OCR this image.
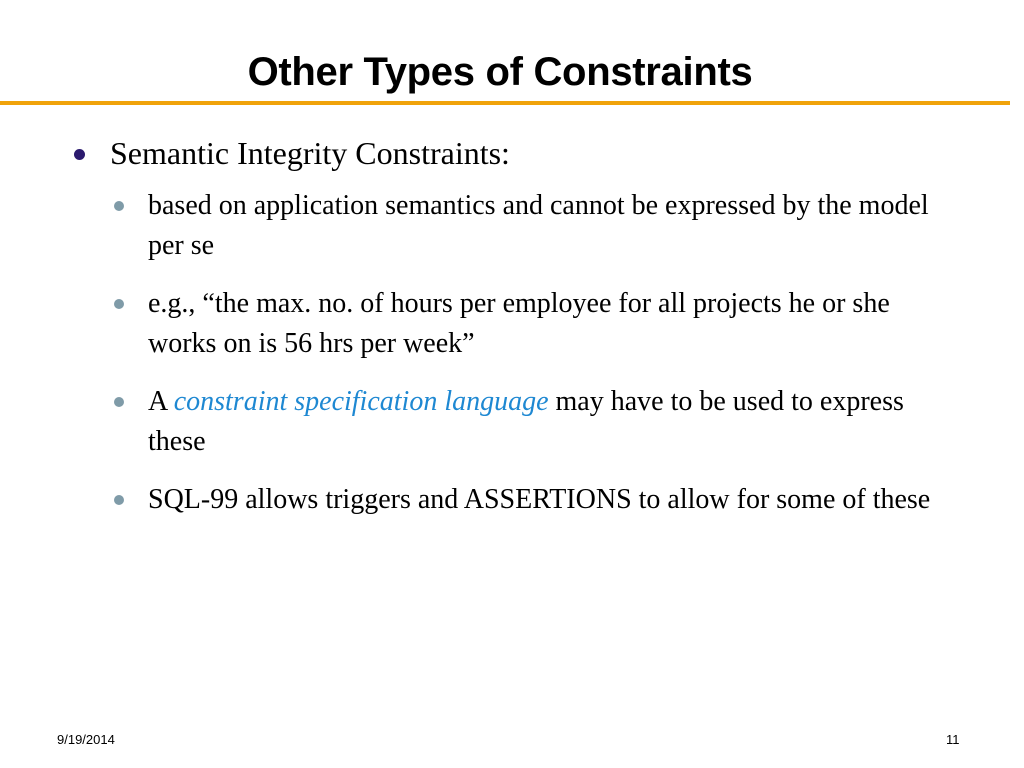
Other Types of Constraints
Semantic Integrity Constraints:
based on application semantics and cannot be expressed by the model per se
e.g., “the max. no. of hours per employee for all projects he or she works on is 56 hrs per week”
A constraint specification language may have to be used to express these
SQL-99 allows triggers and ASSERTIONS to allow for some of these
9/19/2014	11
